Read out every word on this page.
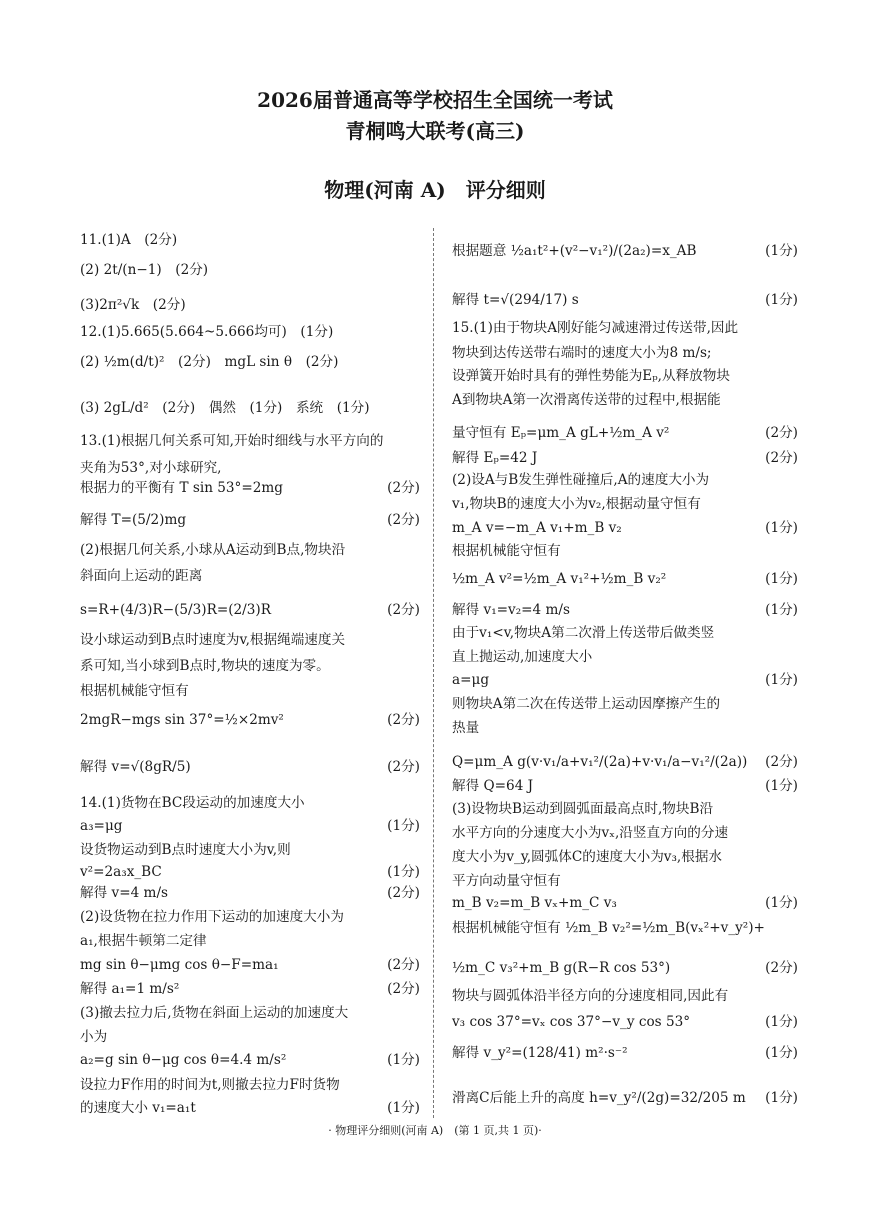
2026届普通高等学校招生全国统一考试
青桐鸣大联考(高三)
物理(河南 A)　评分细则
11.(1)A　(2分)
(2) 2t/(n−1)　(2分)
(3)2π²√k　(2分)
12.(1)5.665(5.664~5.666均可)　(1分)
(2) ½m(d/t)²　(2分)　mgL sin θ　(2分)
(3) 2gL/d²　(2分)　偶然　(1分)　系统　(1分)
13.(1)根据几何关系可知,开始时细线与水平方向的
夹角为53°,对小球研究,
根据力的平衡有 T sin 53°=2mg	(2分)
解得 T=(5/2)mg	(2分)
(2)根据几何关系,小球从A运动到B点,物块沿
斜面向上运动的距离
s=R+(4/3)R−(5/3)R=(2/3)R	(2分)
设小球运动到B点时速度为v,根据绳端速度关
系可知,当小球到B点时,物块的速度为零。
根据机械能守恒有
2mgR−mgs sin 37°=½×2mv²	(2分)
解得 v=√(8gR/5)	(2分)
14.(1)货物在BC段运动的加速度大小
a₃=μg	(1分)
设货物运动到B点时速度大小为v,则
v²=2a₃x_BC	(1分)
解得 v=4 m/s	(2分)
(2)设货物在拉力作用下运动的加速度大小为
a₁,根据牛顿第二定律
mg sin θ−μmg cos θ−F=ma₁	(2分)
解得 a₁=1 m/s²	(2分)
(3)撤去拉力后,货物在斜面上运动的加速度大
小为
a₂=g sin θ−μg cos θ=4.4 m/s²	(1分)
设拉力F作用的时间为t,则撤去拉力F时货物
的速度大小 v₁=a₁t	(1分)
根据题意 ½a₁t²+(v²−v₁²)/(2a₂)=x_AB	(1分)
解得 t=√(294/17) s	(1分)
15.(1)由于物块A刚好能匀减速滑过传送带,因此
物块到达传送带右端时的速度大小为8 m/s;
设弹簧开始时具有的弹性势能为Eₚ,从释放物块
A到物块A第一次滑离传送带的过程中,根据能
量守恒有 Eₚ=μm_A gL+½m_A v²	(2分)
解得 Eₚ=42 J	(2分)
(2)设A与B发生弹性碰撞后,A的速度大小为
v₁,物块B的速度大小为v₂,根据动量守恒有
m_A v=−m_A v₁+m_B v₂	(1分)
根据机械能守恒有
½m_A v²=½m_A v₁²+½m_B v₂²	(1分)
解得 v₁=v₂=4 m/s	(1分)
由于v₁<v,物块A第二次滑上传送带后做类竖
直上抛运动,加速度大小
a=μg	(1分)
则物块A第二次在传送带上运动因摩擦产生的
热量
Q=μm_A g(v·v₁/a+v₁²/(2a)+v·v₁/a−v₁²/(2a)) (2分)
解得 Q=64 J	(1分)
(3)设物块B运动到圆弧面最高点时,物块B沿
水平方向的分速度大小为vₓ,沿竖直方向的分速
度大小为v_y,圆弧体C的速度大小为v₃,根据水
平方向动量守恒有
m_B v₂=m_B vₓ+m_C v₃	(1分)
根据机械能守恒有 ½m_B v₂²=½m_B(vₓ²+v_y²)+
½m_C v₃²+m_B g(R−R cos 53°)	(2分)
物块与圆弧体沿半径方向的分速度相同,因此有
v₃ cos 37°=vₓ cos 37°−v_y cos 53°	(1分)
解得 v_y²=(128/41) m²·s⁻²	(1分)
滑离C后能上升的高度 h=v_y²/(2g)=32/205 m (1分)
· 物理评分细则(河南 A)　(第 1 页,共 1 页)·
